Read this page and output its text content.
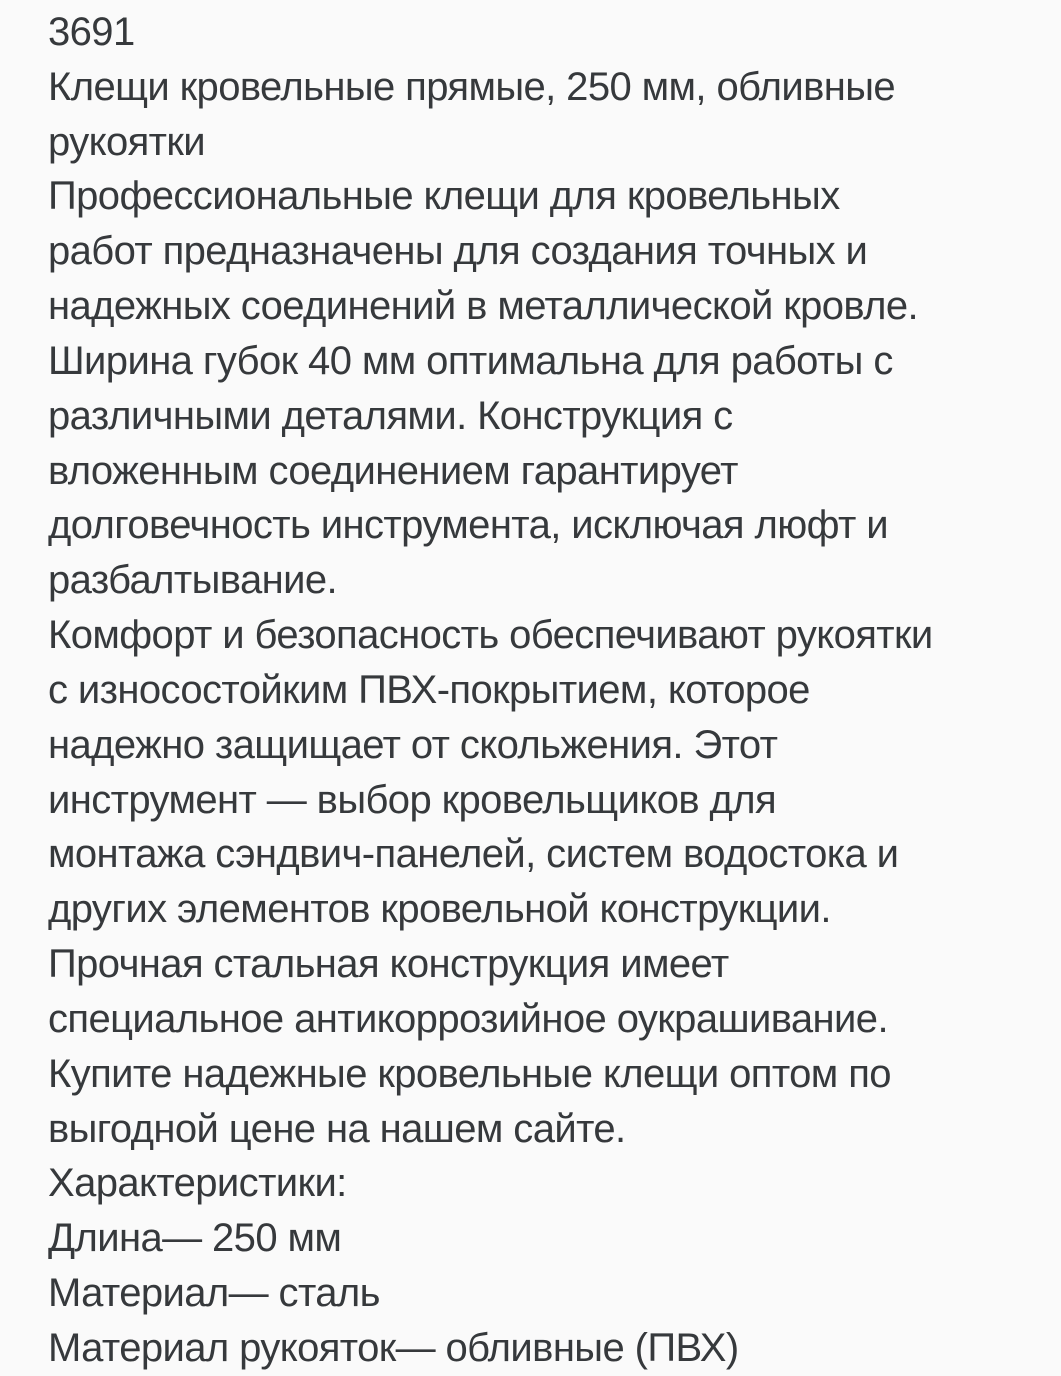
3691
Клещи кровельные прямые, 250 мм, обливные
рукоятки
Профессиональные клещи для кровельных
работ предназначены для создания точных и
надежных соединений в металлической кровле.
Ширина губок 40 мм оптимальна для работы с
различными деталями. Конструкция с
вложенным соединением гарантирует
долговечность инструмента, исключая люфт и
разбалтывание.
Комфорт и безопасность обеспечивают рукоятки
с износостойким ПВХ-покрытием, которое
надежно защищает от скольжения. Этот
инструмент — выбор кровельщиков для
монтажа сэндвич-панелей, систем водостока и
других элементов кровельной конструкции.
Прочная стальная конструкция имеет
специальное антикоррозийное оукрашивание.
Купите надежные кровельные клещи оптом по
выгодной цене на нашем сайте.
Характеристики:
Длина— 250 мм
Материал— сталь
Материал рукояток— обливные (ПВХ)
